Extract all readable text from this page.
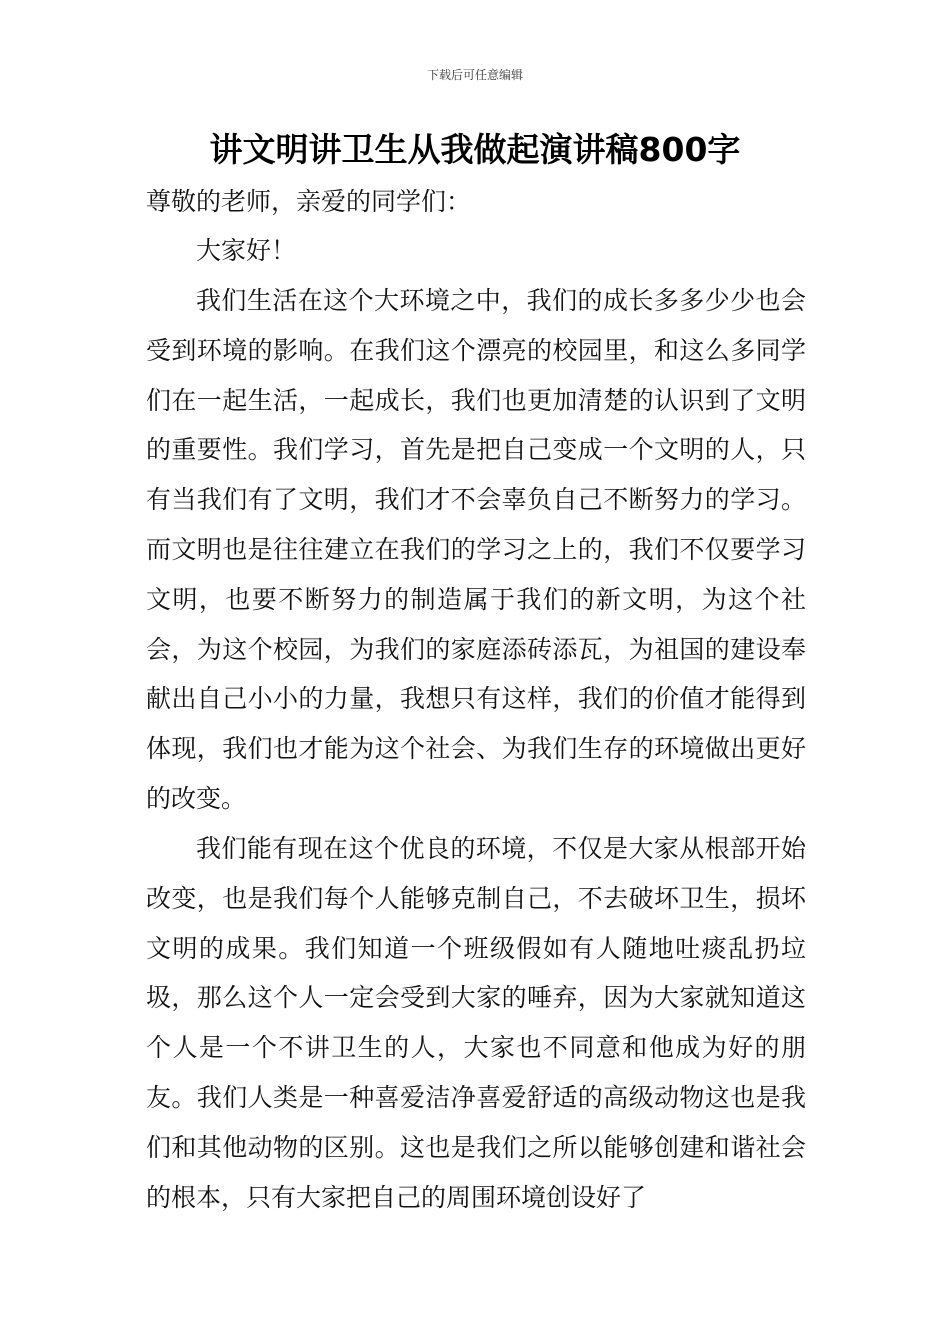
下载后可任意编辑
讲文明讲卫生从我做起演讲稿800字
尊敬的老师，亲爱的同学们：
大家好！

我们生活在这个大环境之中，我们的成长多多少少也会受到环境的影响。在我们这个漂亮的校园里，和这么多同学们在一起生活，一起成长，我们也更加清楚的认识到了文明的重要性。我们学习，首先是把自己变成一个文明的人，只有当我们有了文明，我们才不会辜负自己不断努力的学习。而文明也是往往建立在我们的学习之上的，我们不仅要学习文明，也要不断努力的制造属于我们的新文明，为这个社会，为这个校园，为我们的家庭添砖添瓦，为祖国的建设奉献出自己小小的力量，我想只有这样，我们的价值才能得到体现，我们也才能为这个社会、为我们生存的环境做出更好的改变。

我们能有现在这个优良的环境，不仅是大家从根部开始改变，也是我们每个人能够克制自己，不去破坏卫生，损坏文明的成果。我们知道一个班级假如有人随地吐痰乱扔垃圾，那么这个人一定会受到大家的唾弃，因为大家就知道这个人是一个不讲卫生的人，大家也不同意和他成为好的朋友。我们人类是一种喜爱洁净喜爱舒适的高级动物这也是我们和其他动物的区别。这也是我们之所以能够创建和谐社会的根本，只有大家把自己的周围环境创设好了
